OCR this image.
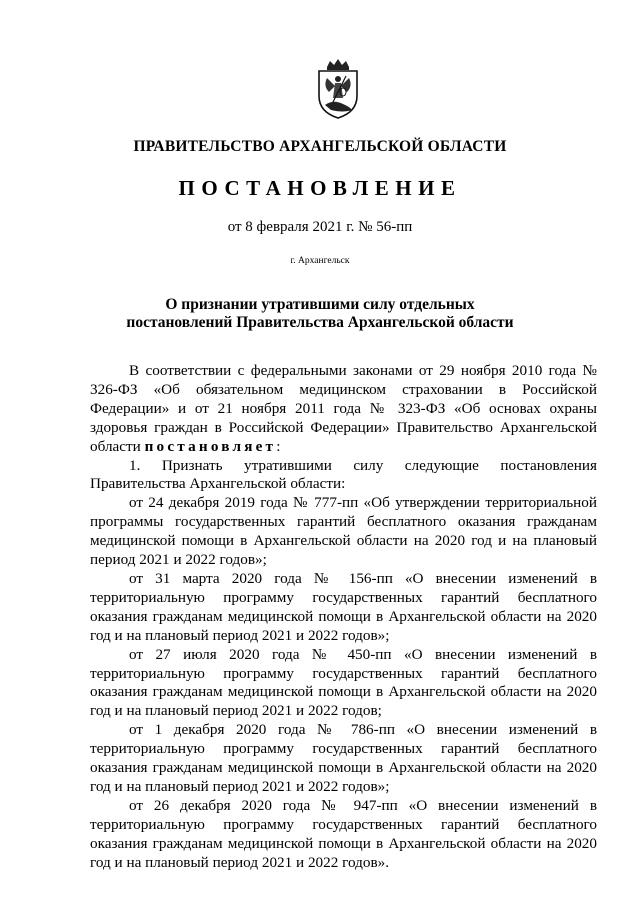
ПРАВИТЕЛЬСТВО АРХАНГЕЛЬСКОЙ ОБЛАСТИ
ПОСТАНОВЛЕНИЕ
от 8 февраля 2021 г. № 56-пп
г. Архангельск
О признании утратившими силу отдельных
постановлений Правительства Архангельской области

В соответствии с федеральными законами от 29 ноября 2010 года № 326-ФЗ «Об обязательном медицинском страховании в Российской Федерации» и от 21 ноября 2011 года № 323-ФЗ «Об основах охраны здоровья граждан в Российской Федерации» Правительство Архангельской области постановляет:

1. Признать утратившими силу следующие постановления Правительства Архангельской области:

от 24 декабря 2019 года № 777-пп «Об утверждении территориальной программы государственных гарантий бесплатного оказания гражданам медицинской помощи в Архангельской области на 2020 год и на плановый период 2021 и 2022 годов»;

от 31 марта 2020 года № 156-пп «О внесении изменений в территориальную программу государственных гарантий бесплатного оказания гражданам медицинской помощи в Архангельской области на 2020 год и на плановый период 2021 и 2022 годов»;

от 27 июля 2020 года № 450-пп «О внесении изменений в территориальную программу государственных гарантий бесплатного оказания гражданам медицинской помощи в Архангельской области на 2020 год и на плановый период 2021 и 2022 годов;

от 1 декабря 2020 года № 786-пп «О внесении изменений в территориальную программу государственных гарантий бесплатного оказания гражданам медицинской помощи в Архангельской области на 2020 год и на плановый период 2021 и 2022 годов»;

от 26 декабря 2020 года № 947-пп «О внесении изменений в территориальную программу государственных гарантий бесплатного оказания гражданам медицинской помощи в Архангельской области на 2020 год и на плановый период 2021 и 2022 годов».
